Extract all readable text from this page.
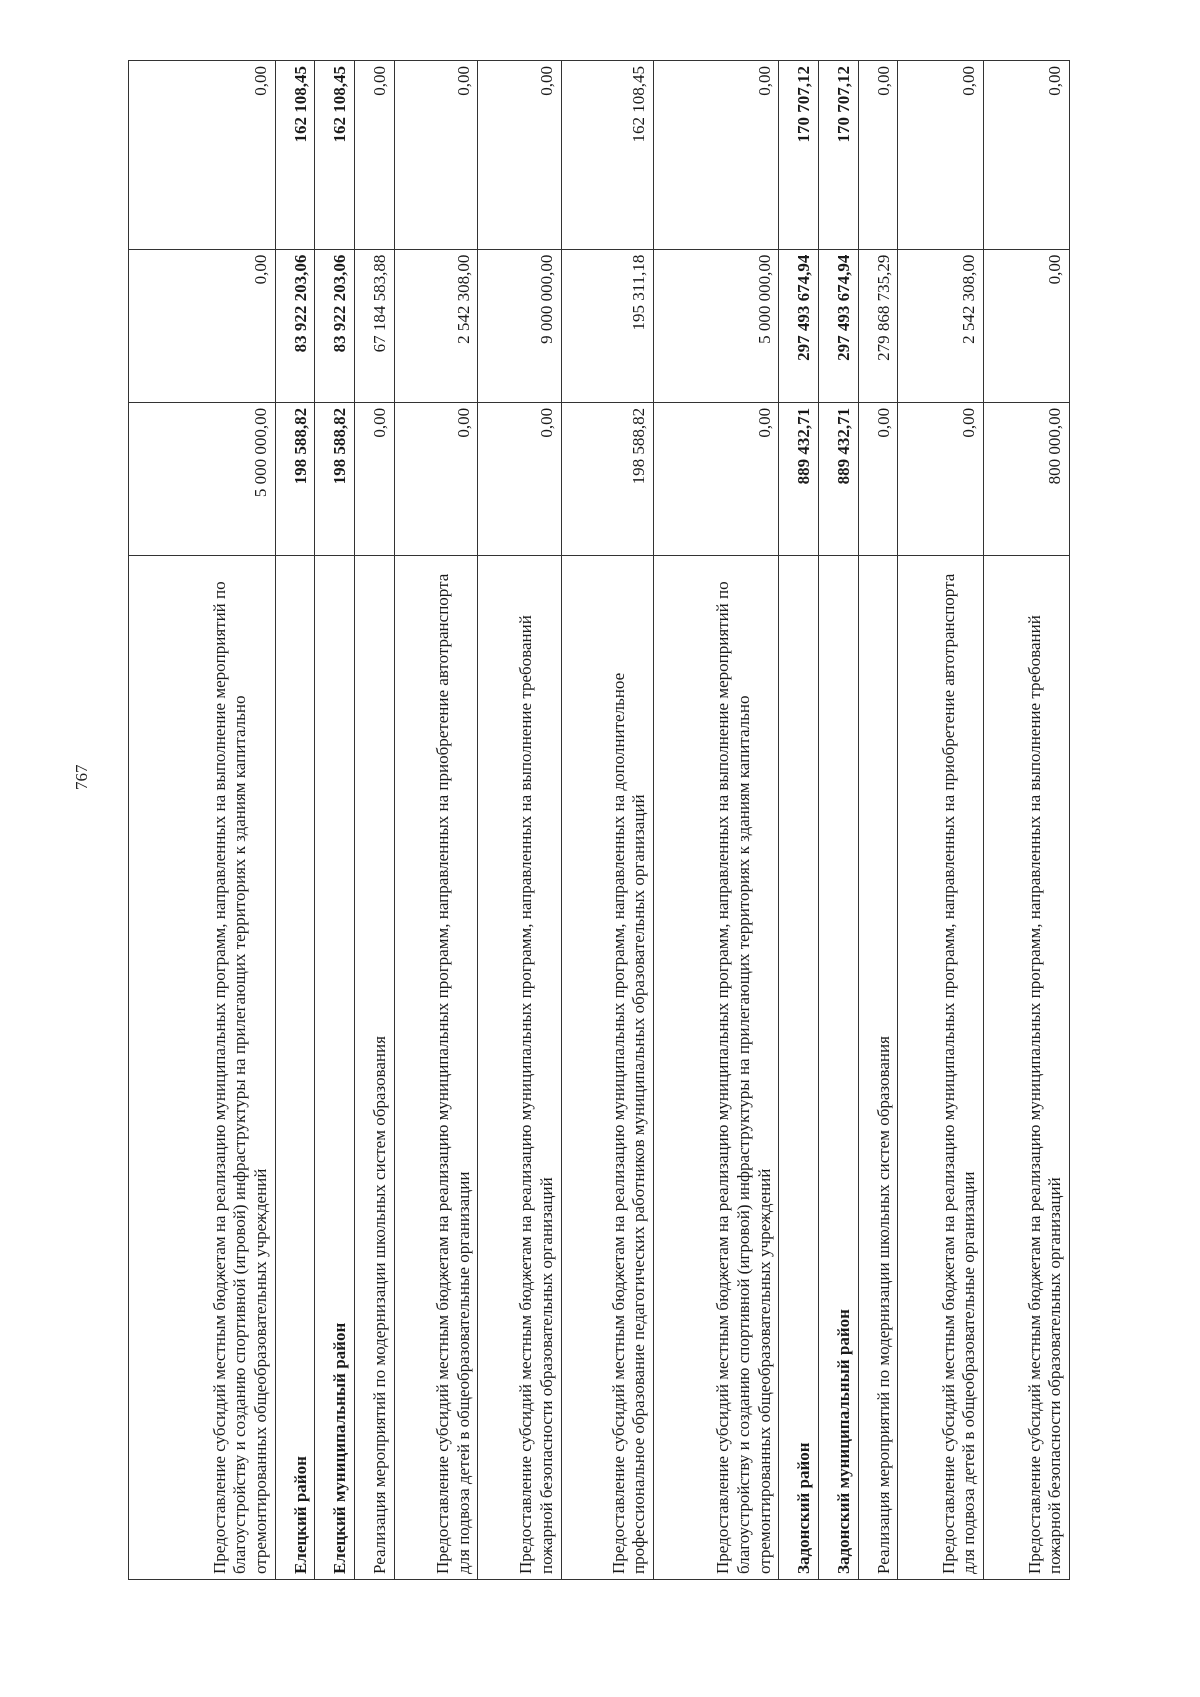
767	Предоставление субсидий местным бюджетам на реализацию муниципальных программ, направленных на выполнение мероприятий по благоустройству и созданию спортивной (игровой) инфраструктуры на прилегающих территориях к зданиям капитально отремонтированных общеобразовательных учреждений	5 000 000,00	0,00	0,00
Елецкий район	198 588,82	83 922 203,06	162 108,45
Елецкий муниципальный район	198 588,82	83 922 203,06	162 108,45
Реализация мероприятий по модернизации школьных систем образования	0,00	67 184 583,88	0,00
Предоставление субсидий местным бюджетам на реализацию муниципальных программ, направленных на приобретение автотранспорта для подвоза детей в общеобразовательные организации	0,00	2 542 308,00	0,00
Предоставление субсидий местным бюджетам на реализацию муниципальных программ, направленных на выполнение требований пожарной безопасности образовательных организаций	0,00	9 000 000,00	0,00
Предоставление субсидий местным бюджетам на реализацию муниципальных программ, направленных на дополнительное профессиональное образование педагогических работников муниципальных образовательных организаций	198 588,82	195 311,18	162 108,45
Предоставление субсидий местным бюджетам на реализацию муниципальных программ, направленных на выполнение мероприятий по благоустройству и созданию спортивной (игровой) инфраструктуры на прилегающих территориях к зданиям капитально отремонтированных общеобразовательных учреждений	0,00	5 000 000,00	0,00
Задонский район	889 432,71	297 493 674,94	170 707,12
Задонский муниципальный район	889 432,71	297 493 674,94	170 707,12
Реализация мероприятий по модернизации школьных систем образования	0,00	279 868 735,29	0,00
Предоставление субсидий местным бюджетам на реализацию муниципальных программ, направленных на приобретение автотранспорта для подвоза детей в общеобразовательные организации	0,00	2 542 308,00	0,00
Предоставление субсидий местным бюджетам на реализацию муниципальных программ, направленных на выполнение требований пожарной безопасности образовательных организаций	800 000,00	0,00	0,00
